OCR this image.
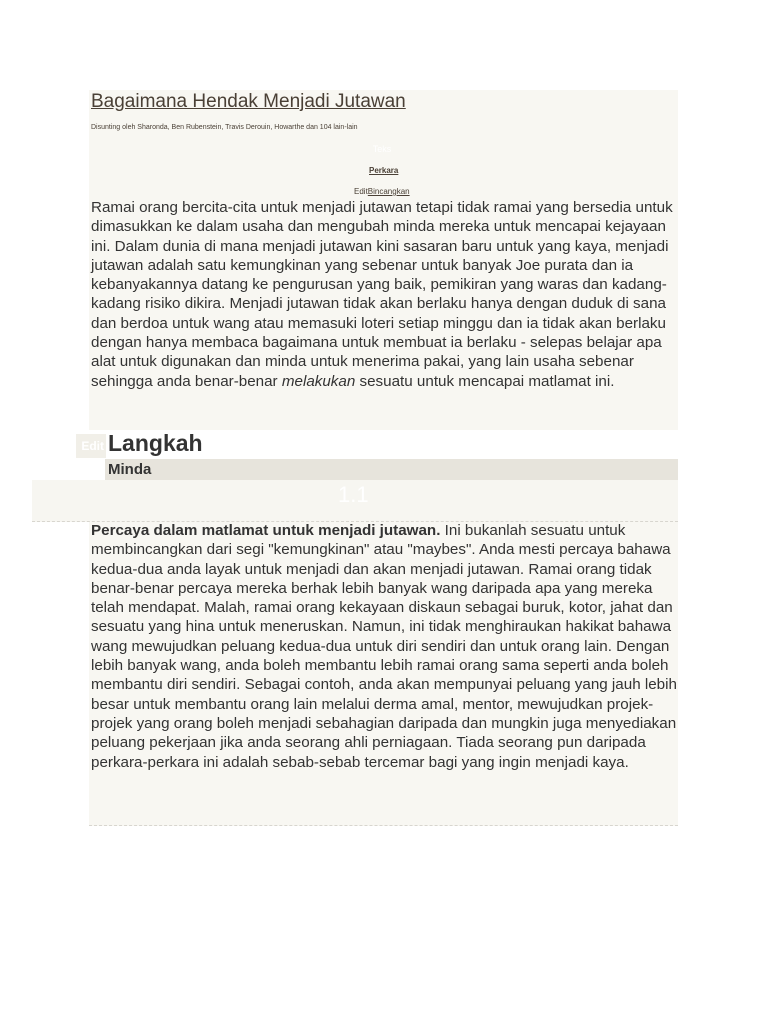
Bagaimana Hendak Menjadi Jutawan
Disunting oleh Sharonda, Ben Rubenstein, Travis Derouin, Howarthe dan 104 lain-lain
Teks
Perkara
EditBincangkan

Ramai orang bercita-cita untuk menjadi jutawan tetapi tidak ramai yang bersedia untuk dimasukkan ke dalam usaha dan mengubah minda mereka untuk mencapai kejayaan ini. Dalam dunia di mana menjadi jutawan kini sasaran baru untuk yang kaya, menjadi jutawan adalah satu kemungkinan yang sebenar untuk banyak Joe purata dan ia kebanyakannya datang ke pengurusan yang baik, pemikiran yang waras dan kadang-kadang risiko dikira. Menjadi jutawan tidak akan berlaku hanya dengan duduk di sana dan berdoa untuk wang atau memasuki loteri setiap minggu dan ia tidak akan berlaku dengan hanya membaca bagaimana untuk membuat ia berlaku - selepas belajar apa alat untuk digunakan dan minda untuk menerima pakai, yang lain usaha sebenar sehingga anda benar-benar melakukan sesuatu untuk mencapai matlamat ini.

Edit Langkah
Minda
1.1

Percaya dalam matlamat untuk menjadi jutawan. Ini bukanlah sesuatu untuk membincangkan dari segi "kemungkinan" atau "maybes". Anda mesti percaya bahawa kedua-dua anda layak untuk menjadi dan akan menjadi jutawan. Ramai orang tidak benar-benar percaya mereka berhak lebih banyak wang daripada apa yang mereka telah mendapat. Malah, ramai orang kekayaan diskaun sebagai buruk, kotor, jahat dan sesuatu yang hina untuk meneruskan. Namun, ini tidak menghiraukan hakikat bahawa wang mewujudkan peluang kedua-dua untuk diri sendiri dan untuk orang lain. Dengan lebih banyak wang, anda boleh membantu lebih ramai orang sama seperti anda boleh membantu diri sendiri. Sebagai contoh, anda akan mempunyai peluang yang jauh lebih besar untuk membantu orang lain melalui derma amal, mentor, mewujudkan projek-projek yang orang boleh menjadi sebahagian daripada dan mungkin juga menyediakan peluang pekerjaan jika anda seorang ahli perniagaan. Tiada seorang pun daripada perkara-perkara ini adalah sebab-sebab tercemar bagi yang ingin menjadi kaya.
